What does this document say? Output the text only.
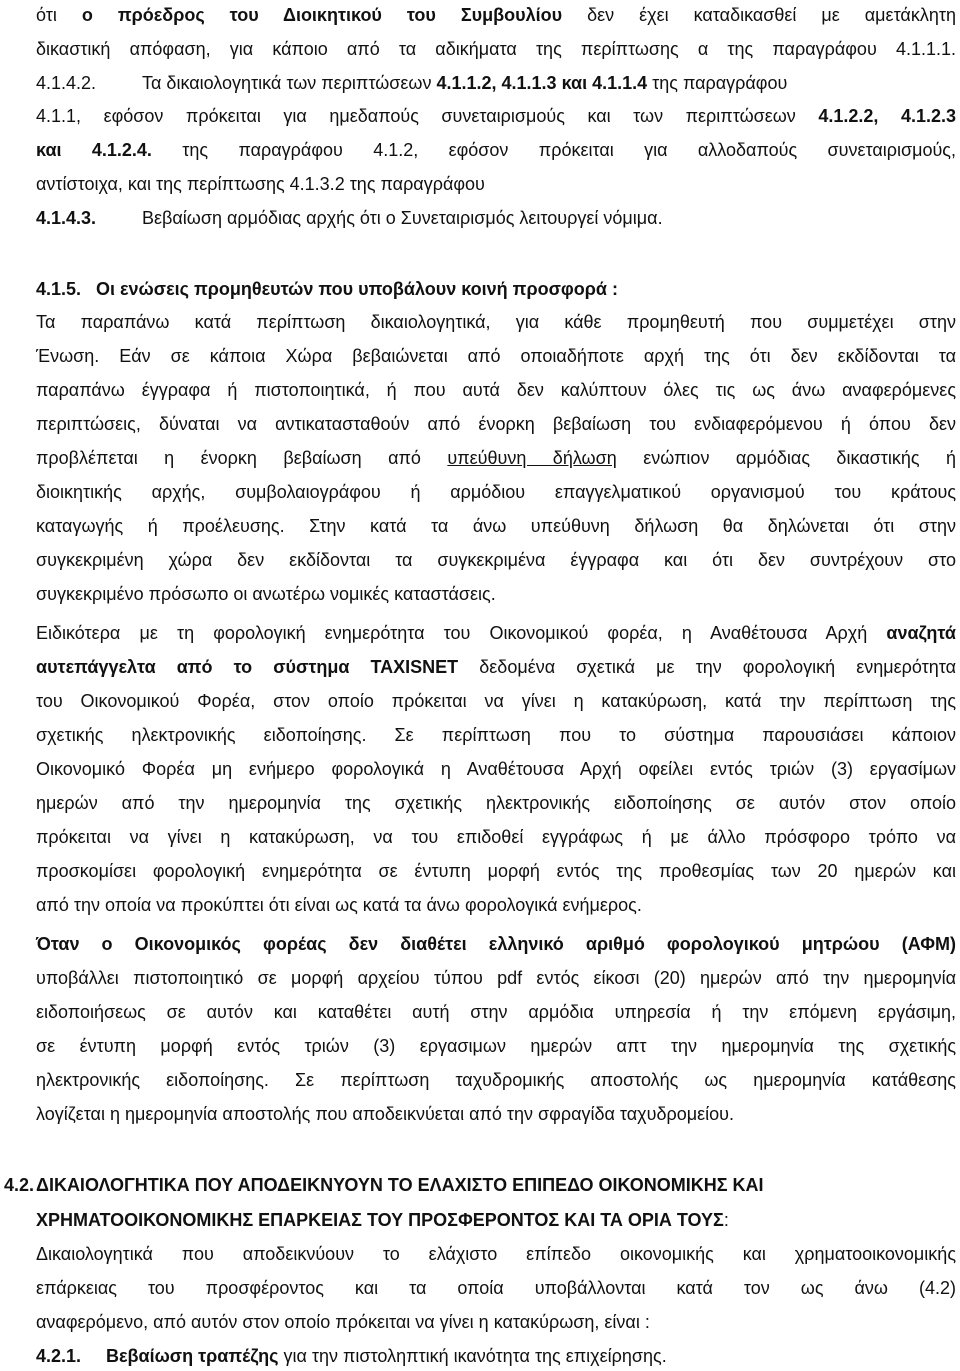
ότι ο πρόεδρος του Διοικητικού του Συμβουλίου δεν έχει καταδικασθεί με αμετάκλητη
δικαστική απόφαση, για κάποιο από τα αδικήματα της περίπτωσης α της παραγράφου 4.1.1.1.
4.1.4.2.	Τα δικαιολογητικά των περιπτώσεων 4.1.1.2, 4.1.1.3 και 4.1.1.4 της παραγράφου
4.1.1, εφόσον πρόκειται για ημεδαπούς συνεταιρισμούς και των περιπτώσεων 4.1.2.2, 4.1.2.3
και 4.1.2.4. της παραγράφου 4.1.2, εφόσον πρόκειται για αλλοδαπούς συνεταιρισμούς,
αντίστοιχα, και της περίπτωσης 4.1.3.2 της παραγράφου
4.1.4.3.	Βεβαίωση αρμόδιας αρχής ότι ο Συνεταιρισμός λειτουργεί νόμιμα.
4.1.5. Οι ενώσεις προμηθευτών που υποβάλουν κοινή προσφορά :
Τα παραπάνω κατά περίπτωση δικαιολογητικά, για κάθε προμηθευτή που συμμετέχει στην
Ένωση. Εάν σε κάποια Χώρα βεβαιώνεται από οποιαδήποτε αρχή της ότι δεν εκδίδονται τα
παραπάνω έγγραφα ή πιστοποιητικά, ή που αυτά δεν καλύπτουν όλες τις ως άνω αναφερόμενες
περιπτώσεις, δύναται να αντικατασταθούν από ένορκη βεβαίωση του ενδιαφερόμενου ή όπου δεν
προβλέπεται η ένορκη βεβαίωση από υπεύθυνη δήλωση ενώπιον αρμόδιας δικαστικής ή
διοικητικής αρχής, συμβολαιογράφου ή αρμόδιου επαγγελματικού οργανισμού του κράτους
καταγωγής ή προέλευσης. Στην κατά τα άνω υπεύθυνη δήλωση θα δηλώνεται ότι στην
συγκεκριμένη χώρα δεν εκδίδονται τα συγκεκριμένα έγγραφα και ότι δεν συντρέχουν στο
συγκεκριμένο πρόσωπο οι ανωτέρω νομικές καταστάσεις.
Ειδικότερα με τη φορολογική ενημερότητα του Οικονομικού φορέα, η Αναθέτουσα Αρχή αναζητά
αυτεπάγγελτα από το σύστημα TAXISNET δεδομένα σχετικά με την φορολογική ενημερότητα
του Οικονομικού Φορέα, στον οποίο πρόκειται να γίνει η κατακύρωση, κατά την περίπτωση της
σχετικής ηλεκτρονικής ειδοποίησης. Σε περίπτωση που το σύστημα παρουσιάσει κάποιον
Οικονομικό Φορέα μη ενήμερο φορολογικά η Αναθέτουσα Αρχή οφείλει εντός τριών (3) εργασίμων
ημερών από την ημερομηνία της σχετικής ηλεκτρονικής ειδοποίησης σε αυτόν στον οποίο
πρόκειται να γίνει η κατακύρωση, να του επιδοθεί εγγράφως ή με άλλο πρόσφορο τρόπο να
προσκομίσει φορολογική ενημερότητα σε έντυπη μορφή εντός της προθεσμίας των 20 ημερών και
από την οποία να προκύπτει ότι είναι ως κατά τα άνω φορολογικά ενήμερος.
Όταν ο Οικονομικός φορέας δεν διαθέτει ελληνικό αριθμό φορολογικού μητρώου (ΑΦΜ)
υποβάλλει πιστοποιητικό σε μορφή αρχείου τύπου pdf εντός είκοσι (20) ημερών από την ημερομηνία
ειδοποιήσεως σε αυτόν και καταθέτει αυτή στην αρμόδια υπηρεσία ή την επόμενη εργάσιμη,
σε έντυπη μορφή εντός τριών (3) εργασιμων ημερών απτ την ημερομηνία της σχετικής
ηλεκτρονικής ειδοποίησης. Σε περίπτωση ταχυδρομικής αποστολής ως ημερομηνία κατάθεσης
λογίζεται η ημερομηνία αποστολής που αποδεικνύεται από την σφραγίδα ταχυδρομείου.
4.2. ΔΙΚΑΙΟΛΟΓΗΤΙΚΑ ΠΟΥ ΑΠΟΔΕΙΚΝΥΟΥΝ ΤΟ ΕΛΑΧΙΣΤΟ ΕΠΙΠΕΔΟ ΟΙΚΟΝΟΜΙΚΗΣ ΚΑΙ
ΧΡΗΜΑΤΟΟΙΚΟΝΟΜΙΚΗΣ ΕΠΑΡΚΕΙΑΣ ΤΟΥ ΠΡΟΣΦΕΡΟΝΤΟΣ ΚΑΙ ΤΑ ΟΡΙΑ ΤΟΥΣ:
Δικαιολογητικά που αποδεικνύουν το ελάχιστο επίπεδο οικονομικής και χρηματοοικονομικής
επάρκειας του προσφέροντος και τα οποία υποβάλλονται κατά τον ως άνω (4.2)
αναφερόμενο, από αυτόν στον οποίο πρόκειται να γίνει η κατακύρωση, είναι :
4.2.1. Βεβαίωση τραπέζης για την πιστοληπτική ικανότητα της επιχείρησης.
